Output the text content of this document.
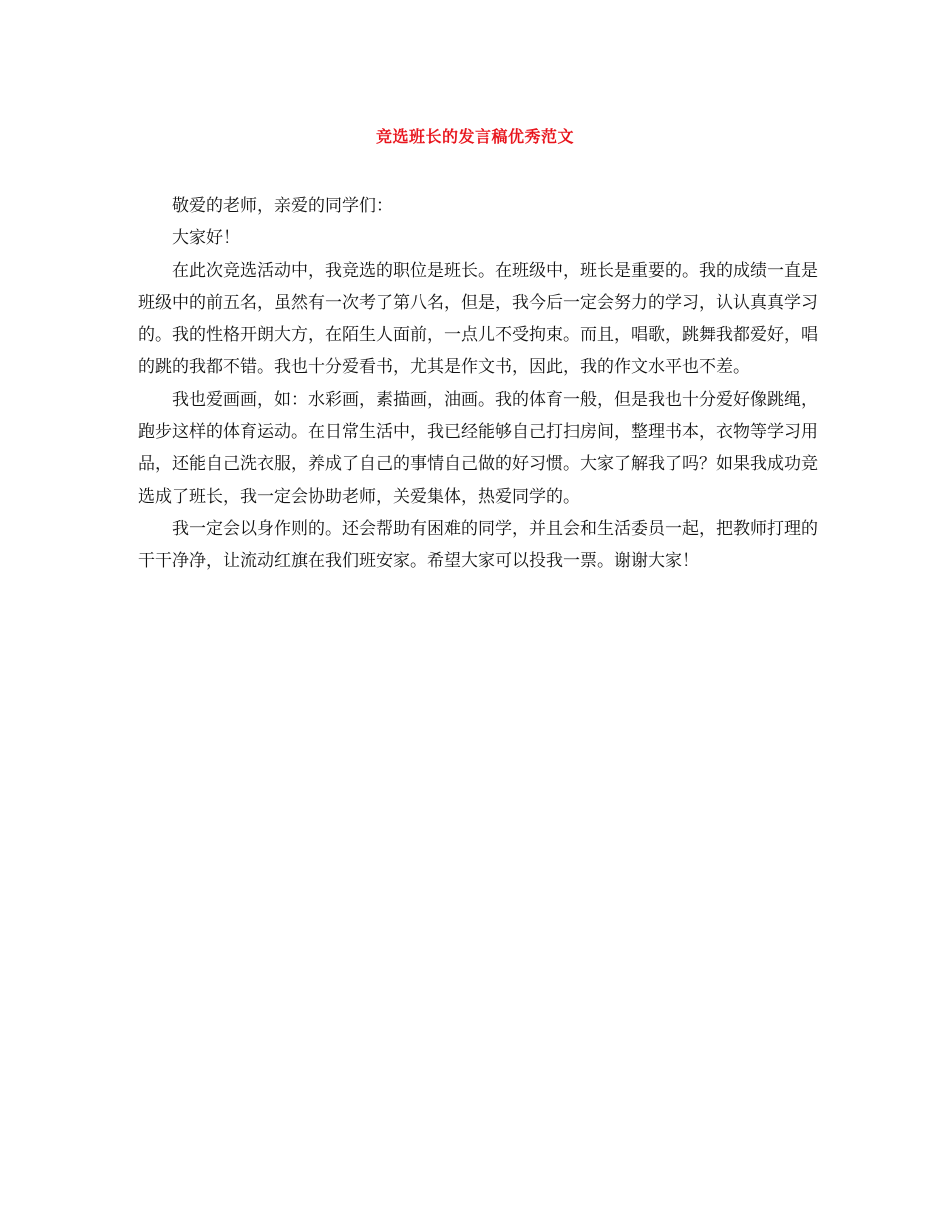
竞选班长的发言稿优秀范文

敬爱的老师，亲爱的同学们：

大家好！

在此次竞选活动中，我竞选的职位是班长。在班级中，班长是重要的。我的成绩一直是班级中的前五名，虽然有一次考了第八名，但是，我今后一定会努力的学习，认认真真学习的。我的性格开朗大方，在陌生人面前，一点儿不受拘束。而且，唱歌，跳舞我都爱好，唱的跳的我都不错。我也十分爱看书，尤其是作文书，因此，我的作文水平也不差。

我也爱画画，如：水彩画，素描画，油画。我的体育一般，但是我也十分爱好像跳绳，跑步这样的体育运动。在日常生活中，我已经能够自己打扫房间，整理书本，衣物等学习用品，还能自己洗衣服，养成了自己的事情自己做的好习惯。大家了解我了吗？如果我成功竞选成了班长，我一定会协助老师，关爱集体，热爱同学的。

我一定会以身作则的。还会帮助有困难的同学，并且会和生活委员一起，把教师打理的干干净净，让流动红旗在我们班安家。希望大家可以投我一票。谢谢大家！
